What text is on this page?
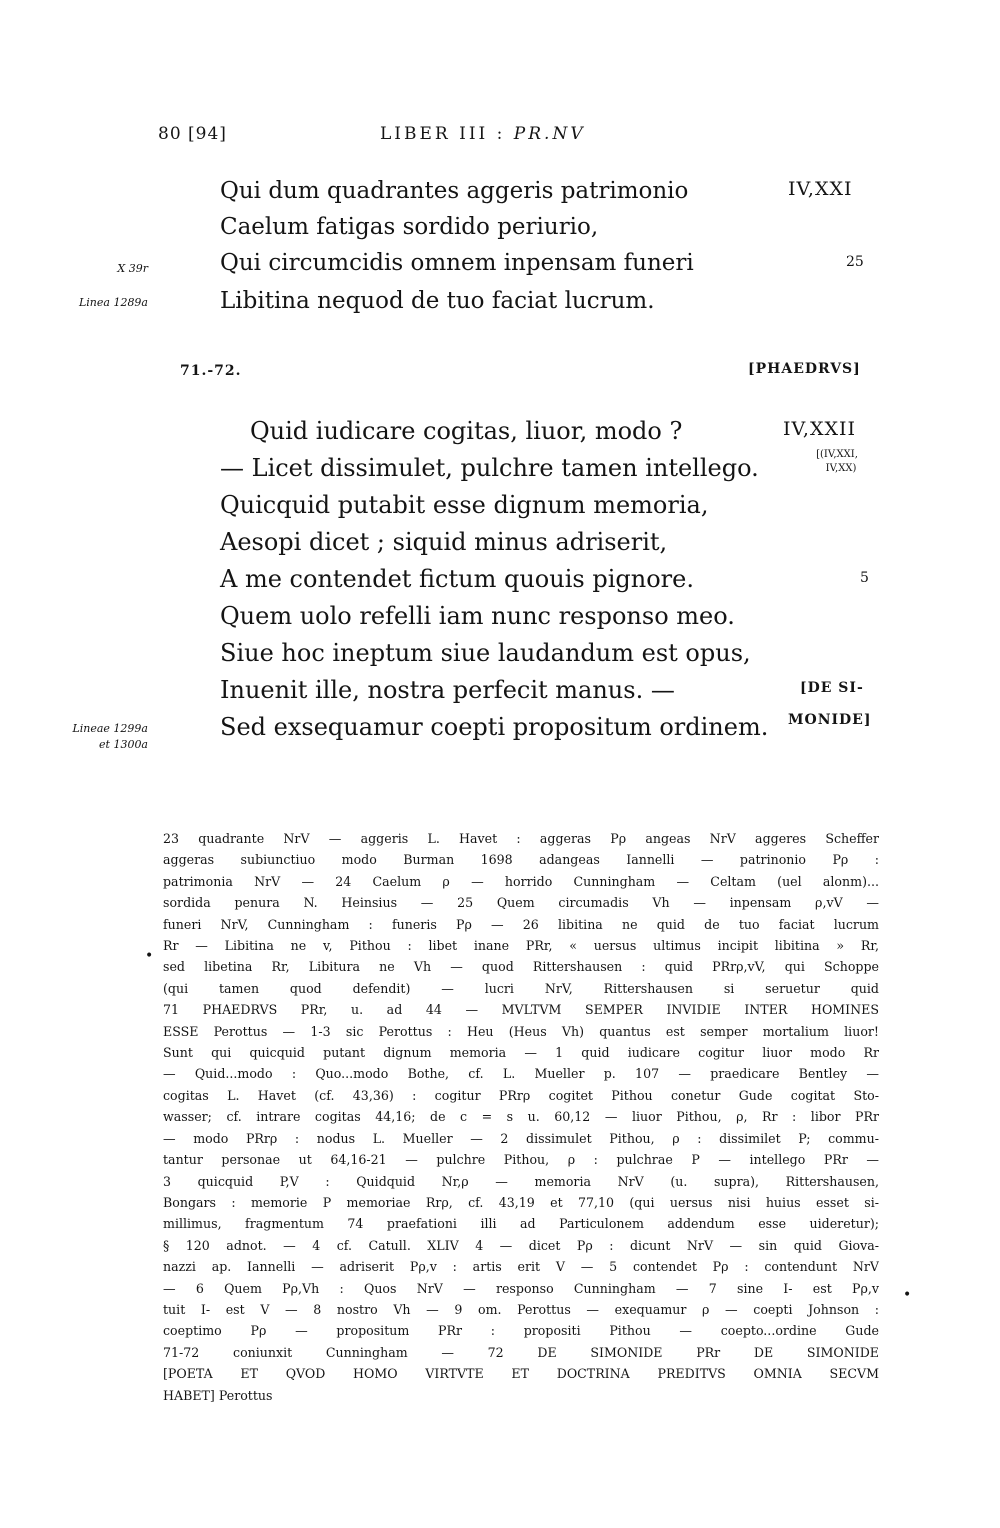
80 [94]	LIBER III : PR.NV
Qui dum quadrantes aggeris patrimonio
Caelum fatigas sordido periurio,
Qui circumcidis omnem inpensam funeri
Libitina nequod de tuo faciat lucrum.
IV,XXI
25
X 39r
Linea 1289a
71.-72.	[PHAEDRVS]
Quid iudicare cogitas, liuor, modo ?
— Licet dissimulet, pulchre tamen intellego.
Quicquid putabit esse dignum memoria,
Aesopi dicet ; siquid minus adriserit,
A me contendet fictum quouis pignore.
Quem uolo refelli iam nunc responso meo.
Siue hoc ineptum siue laudandum est opus,
Inuenit ille, nostra perfecit manus. —
Sed exsequamur coepti propositum ordinem.
IV,XXII
[(IV,XXI,
IV,XX)
5
[DE SI-
MONIDE]
Lineae 1299a
et 1300a
23 quadrante NrV — aggeris L. Havet : aggeras Pρ angeas NrV aggeres Scheffer
aggeras subiunctiuo modo Burman 1698 adangeas Iannelli — patrinonio Pρ :
patrimonia NrV — 24 Caelum ρ — horrido Cunningham — Celtam (uel alonm)...
sordida penura N. Heinsius — 25 Quem circumadis Vh — inpensam ρ,vV —
funeri NrV, Cunningham : funeris Pρ — 26 libitina ne quid de tuo faciat lucrum
Rr — Libitina ne v, Pithou : libet inane PRr, « uersus ultimus incipit libitina » Rr,
sed libetina Rr, Libitura ne Vh — quod Rittershausen : quid PRrρ,vV, qui Schoppe
(qui tamen quod defendit) — lucri NrV, Rittershausen si seruetur quid
71 PHAEDRVS PRr, u. ad 44 — MVLTVM SEMPER INVIDIE INTER HOMINES
ESSE Perottus — 1-3 sic Perottus : Heu (Heus Vh) quantus est semper mortalium liuor!
Sunt qui quicquid putant dignum memoria — 1 quid iudicare cogitur liuor modo Rr
— Quid...modo : Quo...modo Bothe, cf. L. Mueller p. 107 — praedicare Bentley —
cogitas L. Havet (cf. 43,36) : cogitur PRrρ cogitet Pithou conetur Gude cogitat Sto-
wasser; cf. intrare cogitas 44,16; de c = s u. 60,12 — liuor Pithou, ρ, Rr : libor PRr
— modo PRrρ : nodus L. Mueller — 2 dissimulet Pithou, ρ : dissimilet P; commu-
tantur personae ut 64,16-21 — pulchre Pithou, ρ : pulchrae P — intellego PRr —
3 quicquid P,V : Quidquid Nr,ρ — memoria NrV (u. supra), Rittershausen,
Bongars : memorie P memoriae Rrρ, cf. 43,19 et 77,10 (qui uersus nisi huius esset si-
millimus, fragmentum 74 praefationi illi ad Particulonem addendum esse uideretur);
§ 120 adnot. — 4 cf. Catull. XLIV 4 — dicet Pρ : dicunt NrV — sin quid Giova-
nazzi ap. Iannelli — adriserit Pρ,v : artis erit V — 5 contendet Pρ : contendunt NrV
— 6 Quem Pρ,Vh : Quos NrV — responso Cunningham — 7 sine I- est Pρ,v
tuit I- est V — 8 nostro Vh — 9 om. Perottus — exequamur ρ — coepti Johnson :
coeptimo Pρ — propositum PRr : propositi Pithou — coepto...ordine Gude
71-72 coniunxit Cunningham — 72 DE SIMONIDE PRr DE SIMONIDE
[POETA ET QVOD HOMO VIRTVTE ET DOCTRINA PREDITVS OMNIA SECVM
HABET] Perottus
•
•
